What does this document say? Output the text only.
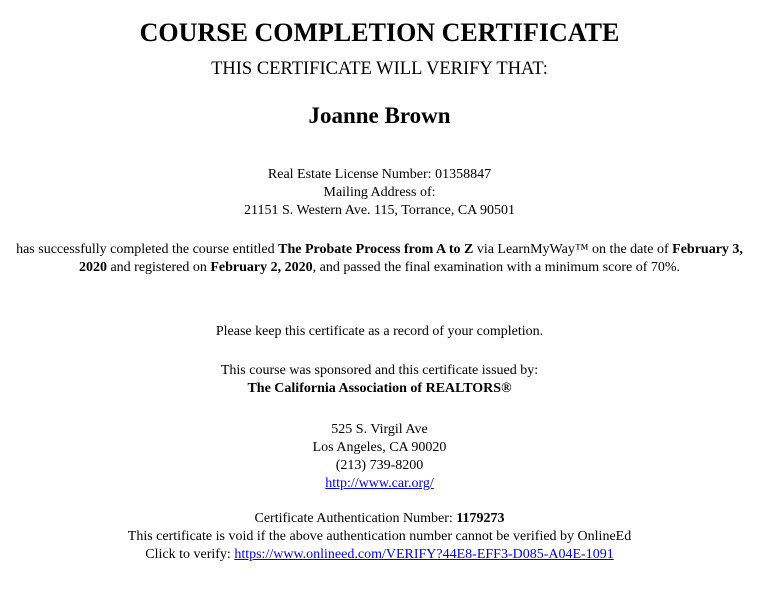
COURSE COMPLETION CERTIFICATE
THIS CERTIFICATE WILL VERIFY THAT:
Joanne Brown
Real Estate License Number: 01358847
Mailing Address of:
21151 S. Western Ave. 115, Torrance, CA 90501
has successfully completed the course entitled The Probate Process from A to Z via LearnMyWay™ on the date of February 3, 2020 and registered on February 2, 2020, and passed the final examination with a minimum score of 70%.
Please keep this certificate as a record of your completion.
This course was sponsored and this certificate issued by:
The California Association of REALTORS®
525 S. Virgil Ave
Los Angeles, CA 90020
(213) 739-8200
http://www.car.org/
Certificate Authentication Number: 1179273
This certificate is void if the above authentication number cannot be verified by OnlineEd
Click to verify: https://www.onlineed.com/VERIFY?44E8-EFF3-D085-A04E-1091
